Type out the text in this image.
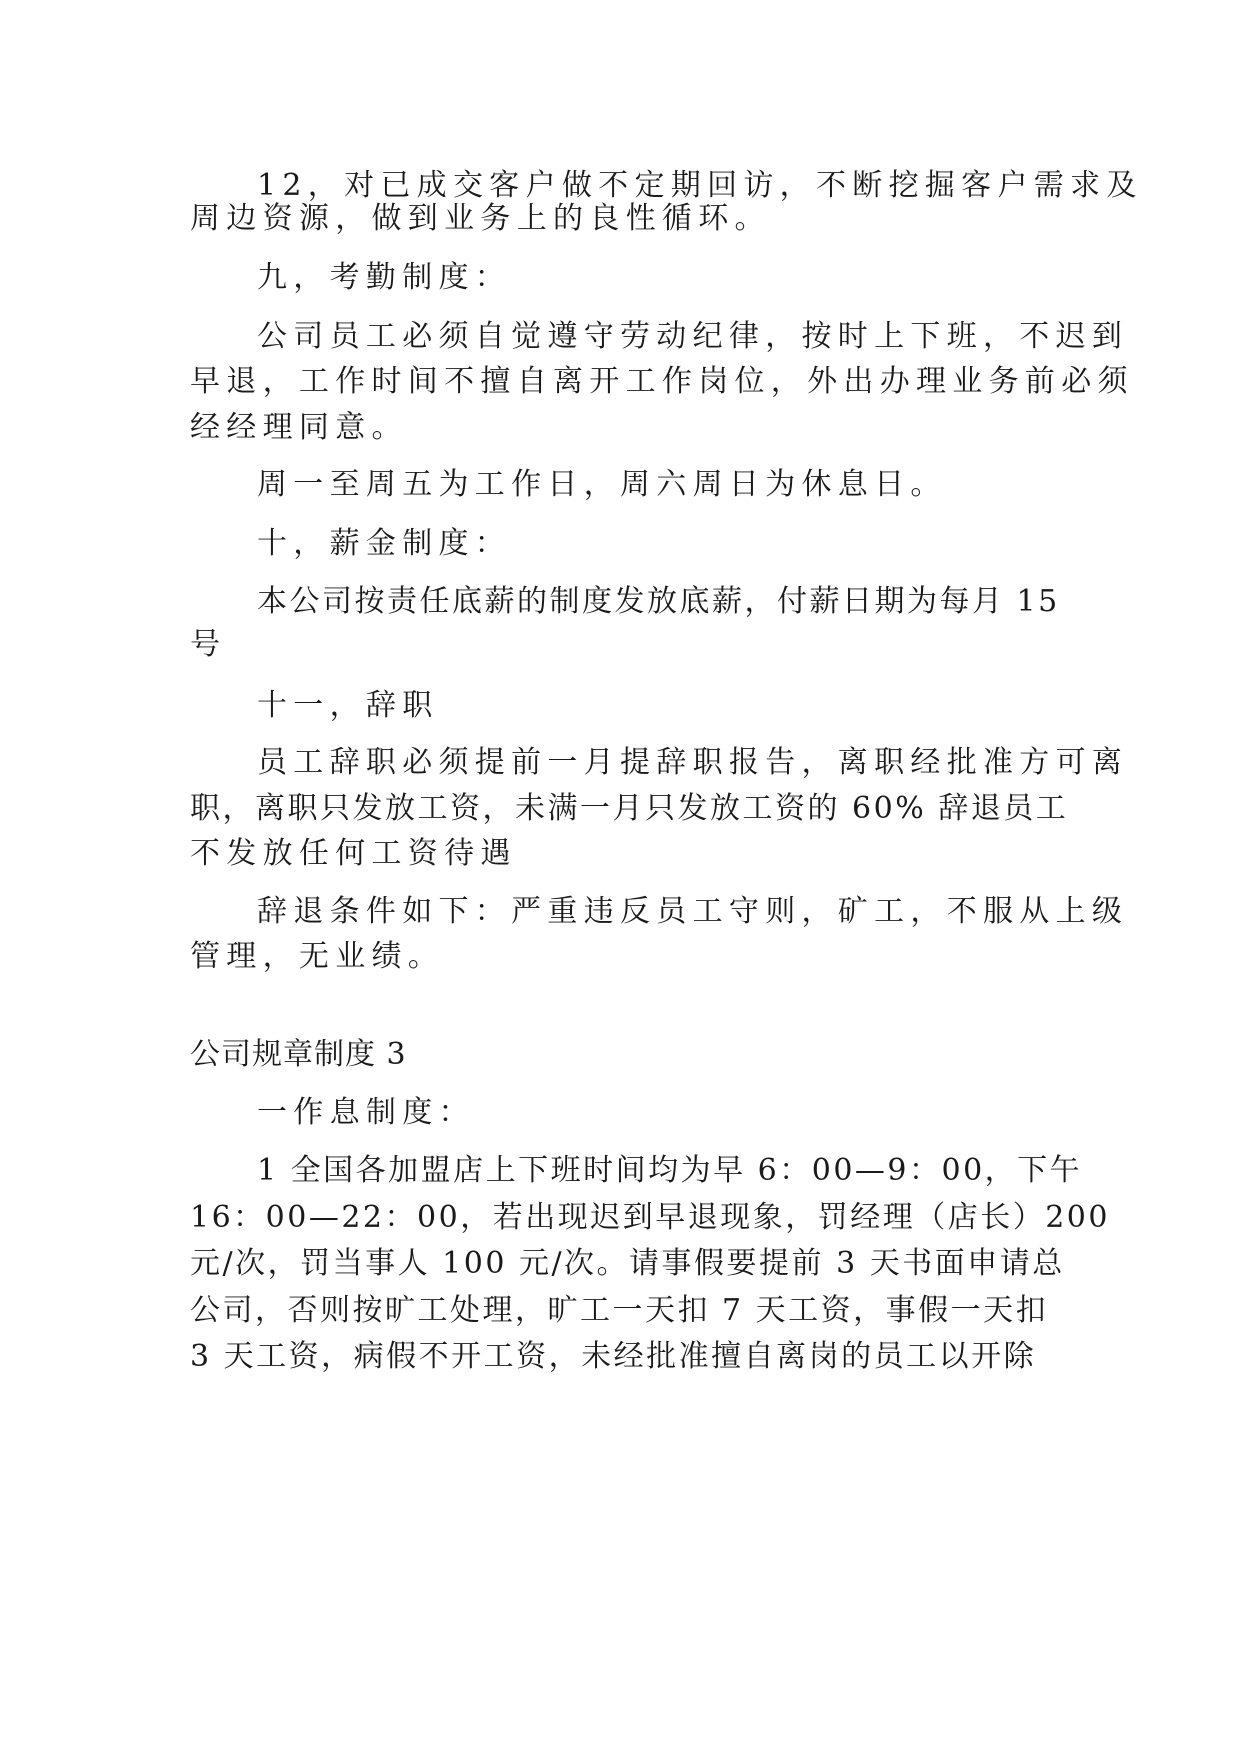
12，对已成交客户做不定期回访，不断挖掘客户需求及
周边资源，做到业务上的良性循环。
九，考勤制度：
公司员工必须自觉遵守劳动纪律，按时上下班，不迟到
早退，工作时间不擅自离开工作岗位，外出办理业务前必须
经经理同意。
周一至周五为工作日，周六周日为休息日。
十，薪金制度：
本公司按责任底薪的制度发放底薪，付薪日期为每月 15
号
十一，辞职
员工辞职必须提前一月提辞职报告，离职经批准方可离
职，离职只发放工资，未满一月只发放工资的 60% 辞退员工
不发放任何工资待遇
辞退条件如下：严重违反员工守则，矿工，不服从上级
管理，无业绩。
公司规章制度 3
一作息制度：
1 全国各加盟店上下班时间均为早 6：00—9：00，下午
16：00—22：00，若出现迟到早退现象，罚经理（店长）200
元/次，罚当事人 100 元/次。请事假要提前 3 天书面申请总
公司，否则按旷工处理，旷工一天扣 7 天工资，事假一天扣
3 天工资，病假不开工资，未经批准擅自离岗的员工以开除
